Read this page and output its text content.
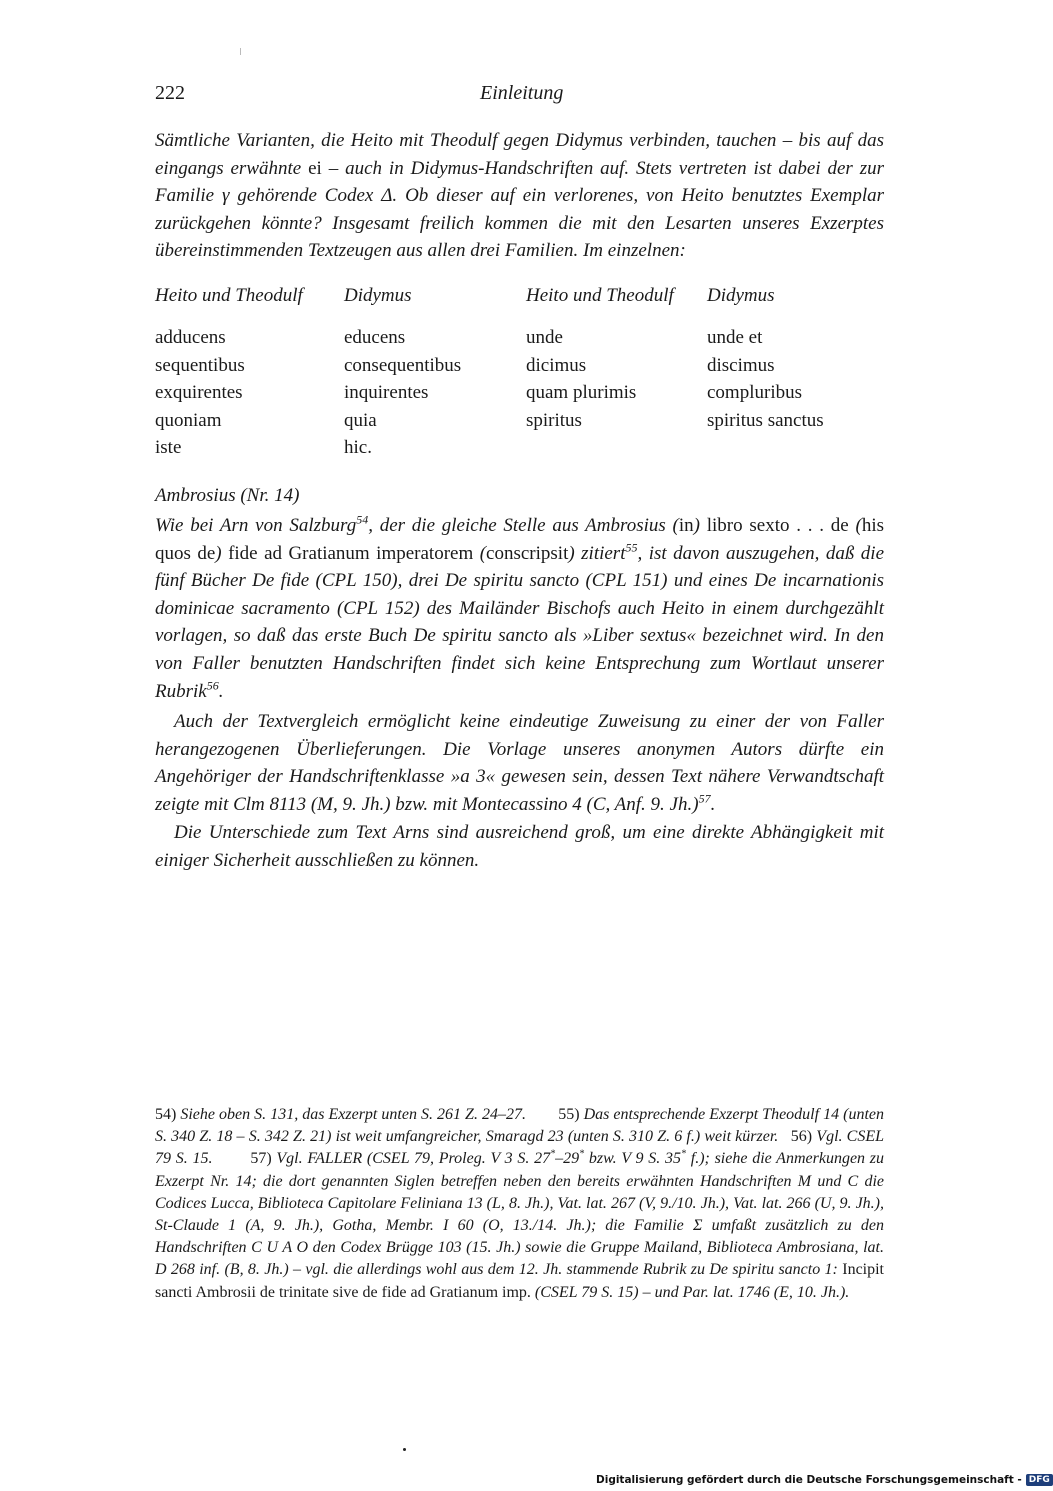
222	Einleitung
Sämtliche Varianten, die Heito mit Theodulf gegen Didymus verbinden, tauchen – bis auf das eingangs erwähnte ei – auch in Didymus-Handschriften auf. Stets vertreten ist dabei der zur Familie γ gehörende Codex Δ. Ob dieser auf ein verlorenes, von Heito benutztes Exemplar zurückgehen könnte? Insgesamt freilich kommen die mit den Lesarten unseres Exzerptes übereinstimmenden Textzeugen aus allen drei Familien. Im einzelnen:
Heito und Theodulf Didymus	Heito und Theodulf Didymus
adducens
sequentibus
exquirentes
quoniam
iste
educens
consequentibus
inquirentes
quia
hic.
unde
dicimus
quam plurimis
spiritus
unde et
discimus
compluribus
spiritus sanctus
Ambrosius (Nr. 14)
Wie bei Arn von Salzburg$^{54}$, der die gleiche Stelle aus Ambrosius (in) libro sexto . . . de (his quos de) fide ad Gratianum imperatorem (conscripsit) zitiert$^{55}$, ist davon auszugehen, daß die fünf Bücher De fide (CPL 150), drei De spiritu sancto (CPL 151) und eines De incarnationis dominicae sacramento (CPL 152) des Mailänder Bischofs auch Heito in einem durchgezählt vorlagen, so daß das erste Buch De spiritu sancto als »Liber sextus« bezeichnet wird. In den von Faller benutzten Handschriften findet sich keine Entsprechung zum Wortlaut unserer Rubrik$^{56}$.
Auch der Textvergleich ermöglicht keine eindeutige Zuweisung zu einer der von Faller herangezogenen Überlieferungen. Die Vorlage unseres anonymen Autors dürfte ein Angehöriger der Handschriftenklasse »a 3« gewesen sein, dessen Text nähere Verwandtschaft zeigte mit Clm 8113 (M, 9. Jh.) bzw. mit Montecassino 4 (C, Anf. 9. Jh.)$^{57}$.
Die Unterschiede zum Text Arns sind ausreichend groß, um eine direkte Abhängigkeit mit einiger Sicherheit ausschließen zu können.
54) Siehe oben S. 131, das Exzerpt unten S. 261 Z. 24–27. 55) Das entsprechende Exzerpt Theodulf 14 (unten S. 340 Z. 18 – S. 342 Z. 21) ist weit umfangreicher, Smaragd 23 (unten S. 310 Z. 6 f.) weit kürzer. 56) Vgl. CSEL 79 S. 15. 57) Vgl. FALLER (CSEL 79, Proleg. V 3 S. 27*–29* bzw. V 9 S. 35* f.); siehe die Anmerkungen zu Exzerpt Nr. 14; die dort genannten Siglen betreffen neben den bereits erwähnten Handschriften M und C die Codices Lucca, Biblioteca Capitolare Feliniana 13 (L, 8. Jh.), Vat. lat. 267 (V, 9./10. Jh.), Vat. lat. 266 (U, 9. Jh.), St-Claude 1 (A, 9. Jh.), Gotha, Membr. I 60 (O, 13./14. Jh.); die Familie Σ umfaßt zusätzlich zu den Handschriften C U A O den Codex Brügge 103 (15. Jh.) sowie die Gruppe Mailand, Biblioteca Ambrosiana, lat. D 268 inf. (B, 8. Jh.) – vgl. die allerdings wohl aus dem 12. Jh. stammende Rubrik zu De spiritu sancto 1: Incipit sancti Ambrosii de trinitate sive de fide ad Gratianum imp. (CSEL 79 S. 15) – und Par. lat. 1746 (E, 10. Jh.).
Digitalisierung gefördert durch die Deutsche Forschungsgemeinschaft - DFG
